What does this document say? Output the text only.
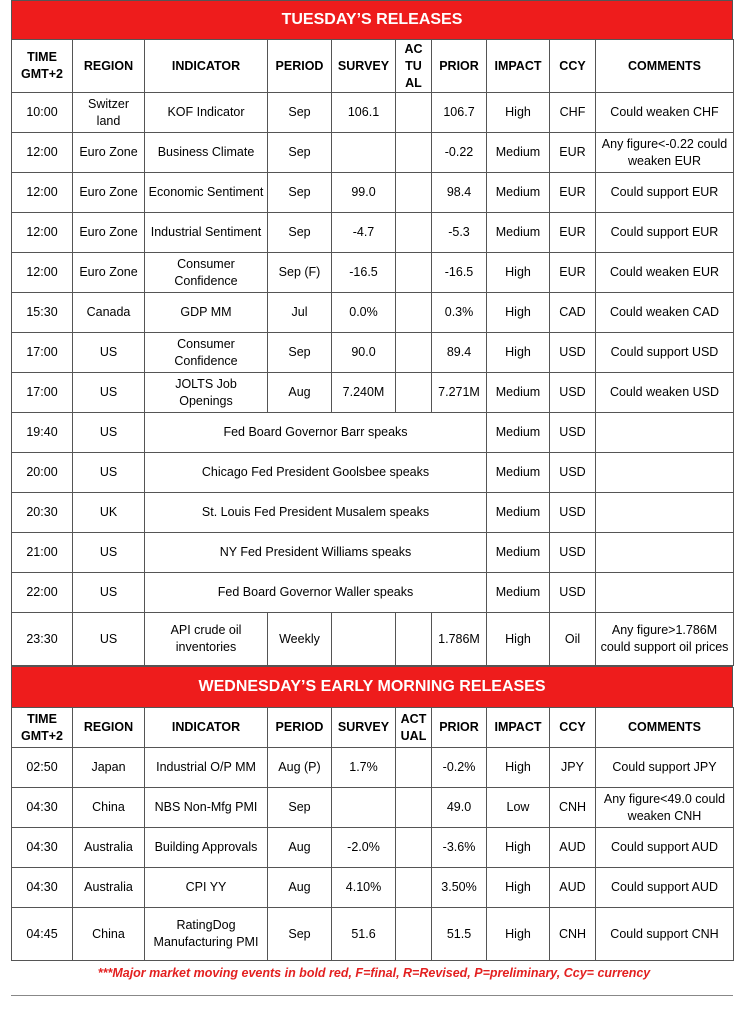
TUESDAY’S RELEASES
TIME GMT+2	REGION	INDICATOR	PERIOD	SURVEY	ACTUAL	PRIOR	IMPACT	CCY	COMMENTS
10:00	Switzer land	KOF Indicator	Sep	106.1		106.7	High	CHF	Could weaken CHF
12:00	Euro Zone	Business Climate	Sep			-0.22	Medium	EUR	Any figure<-0.22 could weaken EUR
12:00	Euro Zone	Economic Sentiment	Sep	99.0		98.4	Medium	EUR	Could support EUR
12:00	Euro Zone	Industrial Sentiment	Sep	-4.7		-5.3	Medium	EUR	Could support EUR
12:00	Euro Zone	Consumer Confidence	Sep (F)	-16.5		-16.5	High	EUR	Could weaken EUR
15:30	Canada	GDP MM	Jul	0.0%		0.3%	High	CAD	Could weaken CAD
17:00	US	Consumer Confidence	Sep	90.0		89.4	High	USD	Could support USD
17:00	US	JOLTS Job Openings	Aug	7.240M		7.271M	Medium	USD	Could weaken USD
19:40	US	Fed Board Governor Barr speaks					Medium	USD	
20:00	US	Chicago Fed President Goolsbee speaks					Medium	USD	
20:30	UK	St. Louis Fed President Musalem speaks					Medium	USD	
21:00	US	NY Fed President Williams speaks					Medium	USD	
22:00	US	Fed Board Governor Waller speaks					Medium	USD	
23:30	US	API crude oil inventories	Weekly			1.786M	High	Oil	Any figure>1.786M could support oil prices
WEDNESDAY’S EARLY MORNING RELEASES
TIME GMT+2	REGION	INDICATOR	PERIOD	SURVEY	ACTUAL	PRIOR	IMPACT	CCY	COMMENTS
02:50	Japan	Industrial O/P MM	Aug (P)	1.7%		-0.2%	High	JPY	Could support JPY
04:30	China	NBS Non-Mfg PMI	Sep			49.0	Low	CNH	Any figure<49.0 could weaken CNH
04:30	Australia	Building Approvals	Aug	-2.0%		-3.6%	High	AUD	Could support AUD
04:30	Australia	CPI YY	Aug	4.10%		3.50%	High	AUD	Could support AUD
04:45	China	RatingDog Manufacturing PMI	Sep	51.6		51.5	High	CNH	Could support CNH
***Major market moving events in bold red, F=final, R=Revised, P=preliminary, Ccy= currency
